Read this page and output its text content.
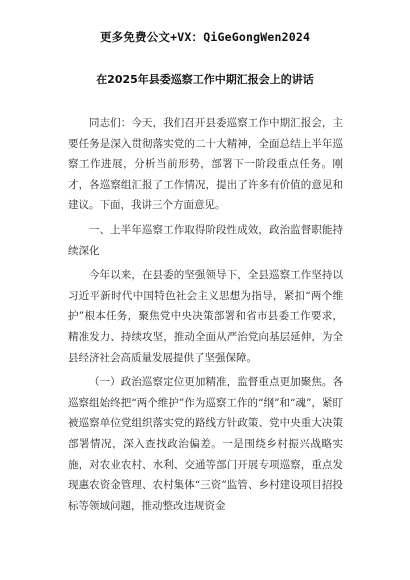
更多免费公文+VX：QiGeGongWen2024
在2025年县委巡察工作中期汇报会上的讲话

同志们：今天，我们召开县委巡察工作中期汇报会，主要任务是深入贯彻落实党的二十大精神，全面总结上半年巡察工作进展，分析当前形势，部署下一阶段重点任务。刚才，各巡察组汇报了工作情况，提出了许多有价值的意见和建议。下面，我讲三个方面意见。

一、上半年巡察工作取得阶段性成效，政治监督职能持续深化

今年以来，在县委的坚强领导下，全县巡察工作坚持以习近平新时代中国特色社会主义思想为指导，紧扣“两个维护”根本任务，聚焦党中央决策部署和省市县委工作要求，精准发力、持续攻坚，推动全面从严治党向基层延伸，为全县经济社会高质量发展提供了坚强保障。

（一）政治巡察定位更加精准，监督重点更加聚焦。各巡察组始终把“两个维护”作为巡察工作的“纲”和“魂”，紧盯被巡察单位党组织落实党的路线方针政策、党中央重大决策部署情况，深入查找政治偏差。一是围绕乡村振兴战略实施，对农业农村、水利、交通等部门开展专项巡察，重点发现惠农资金管理、农村集体“三资”监管、乡村建设项目招投标等领域问题，推动整改违规资金
